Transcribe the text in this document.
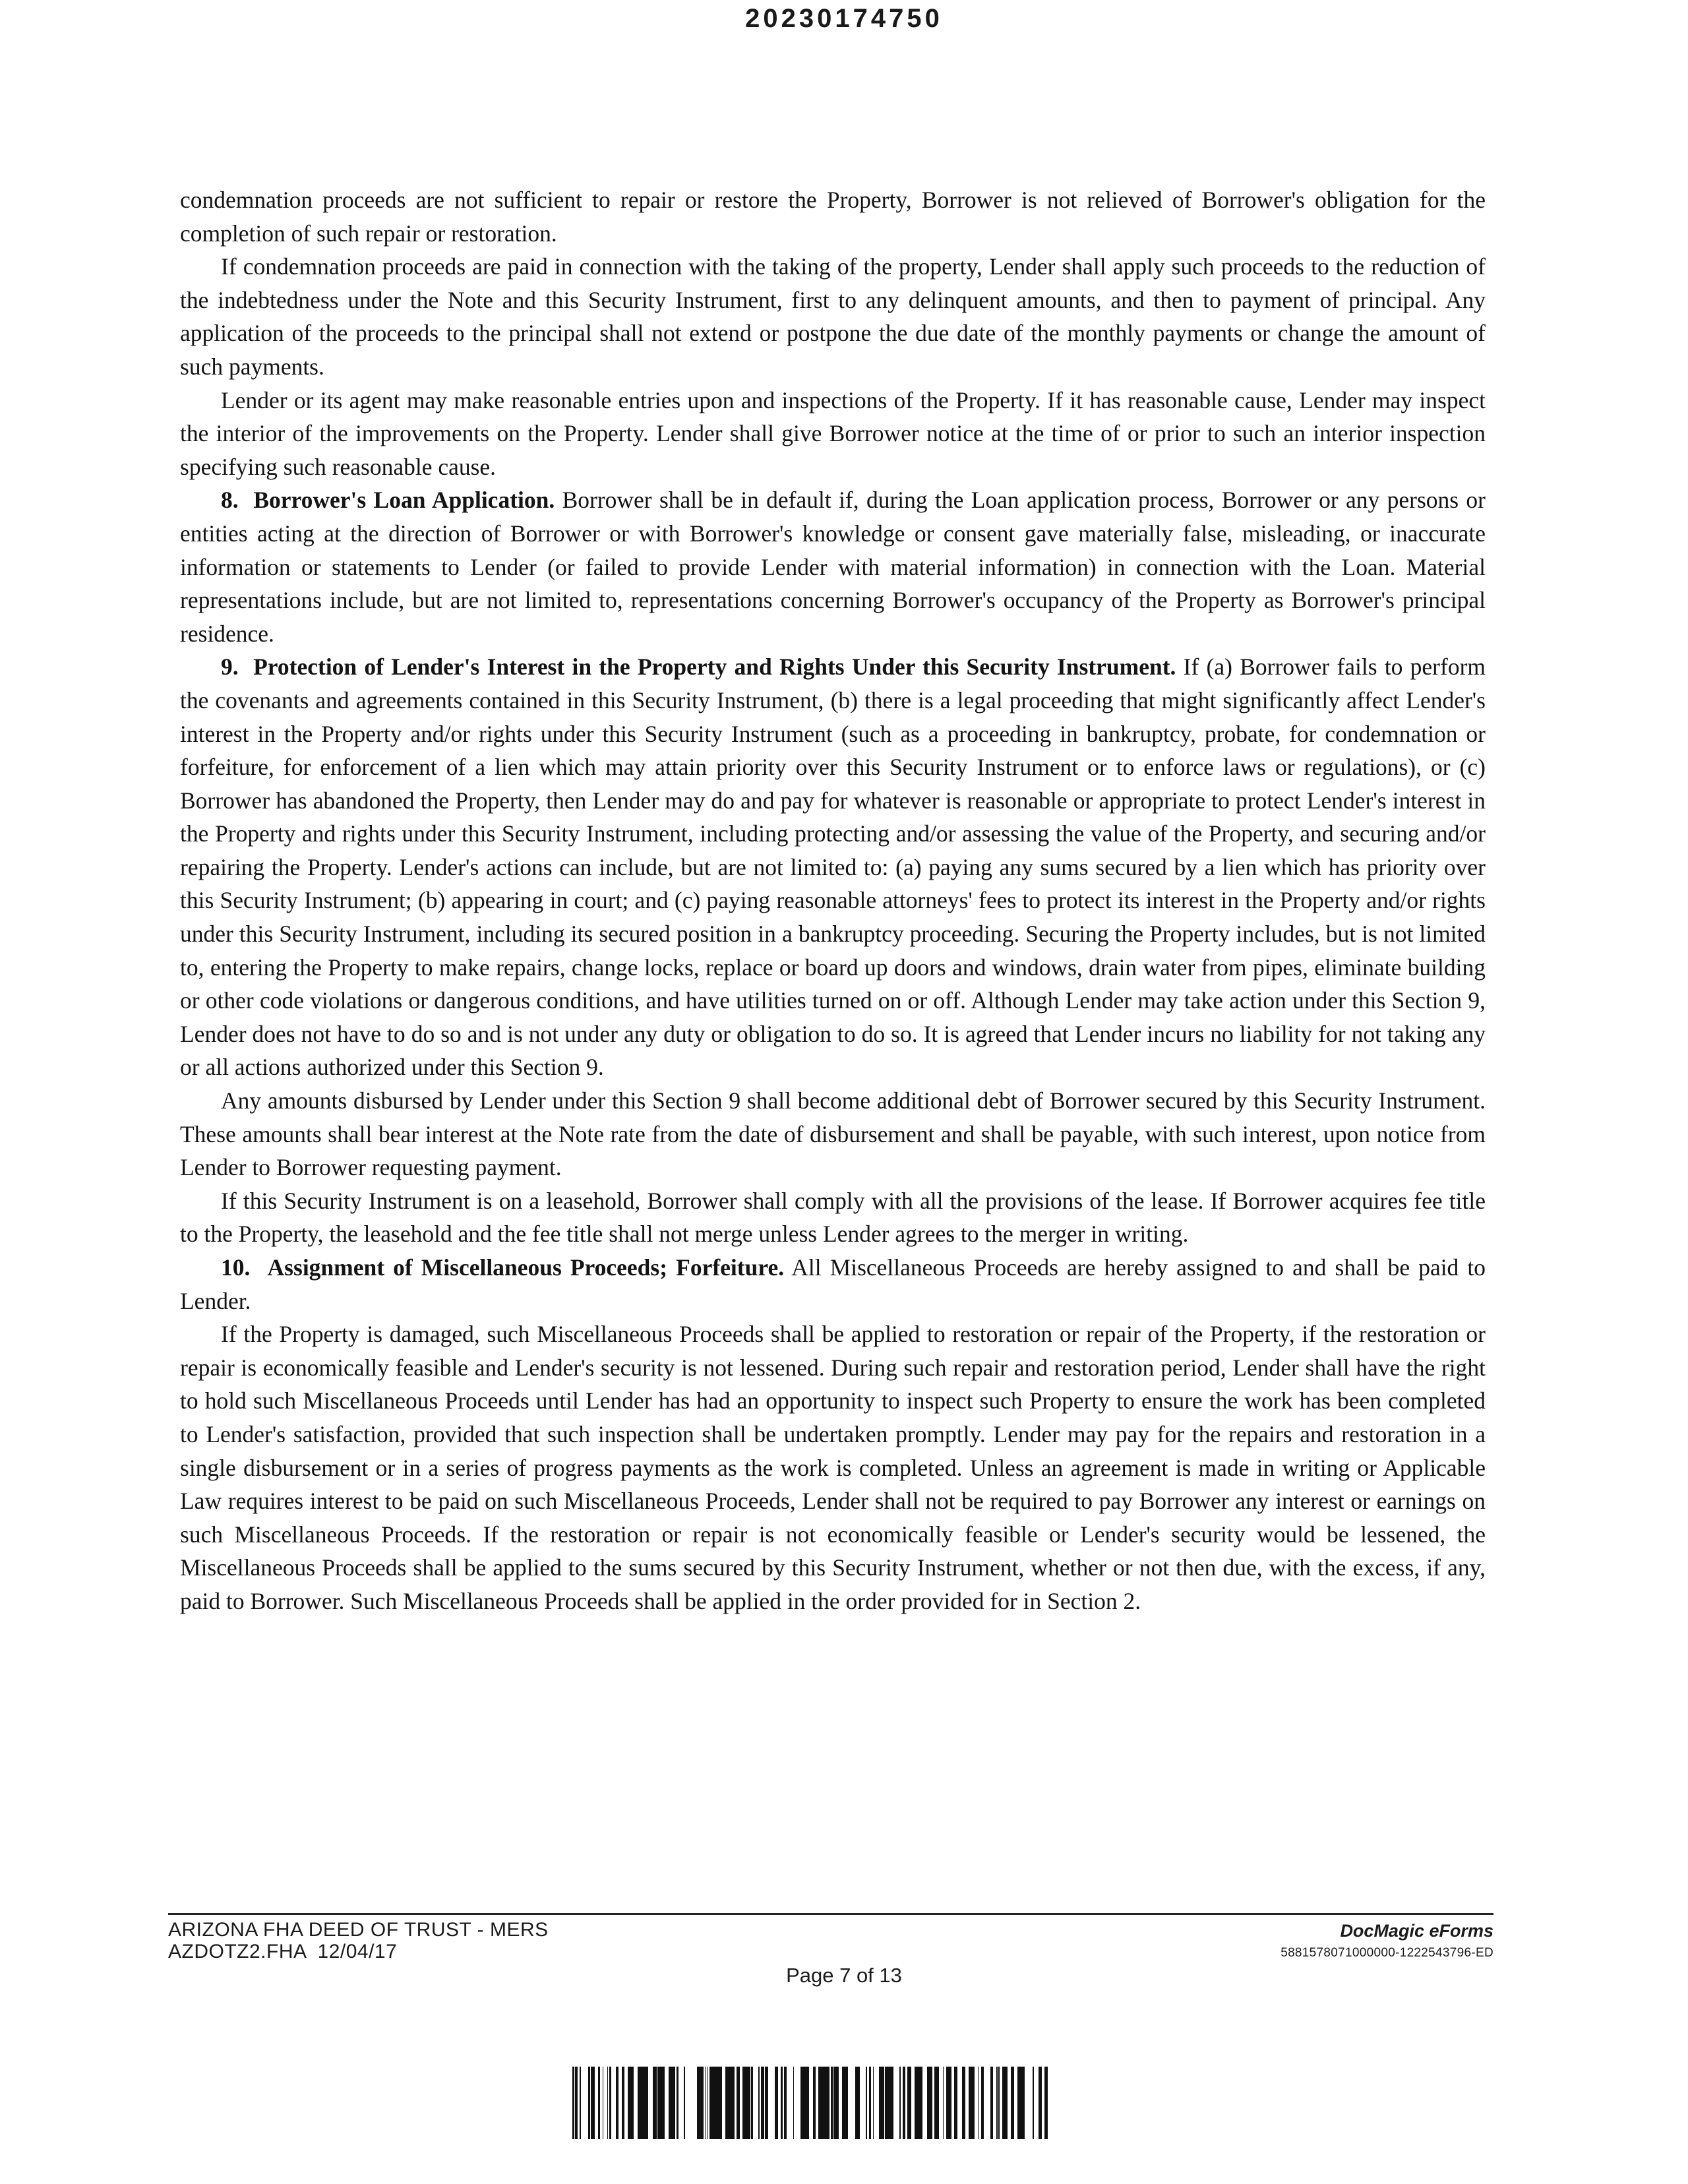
20230174750

condemnation proceeds are not sufficient to repair or restore the Property, Borrower is not relieved of Borrower's obligation for the completion of such repair or restoration.

If condemnation proceeds are paid in connection with the taking of the property, Lender shall apply such proceeds to the reduction of the indebtedness under the Note and this Security Instrument, first to any delinquent amounts, and then to payment of principal. Any application of the proceeds to the principal shall not extend or postpone the due date of the monthly payments or change the amount of such payments.

Lender or its agent may make reasonable entries upon and inspections of the Property. If it has reasonable cause, Lender may inspect the interior of the improvements on the Property. Lender shall give Borrower notice at the time of or prior to such an interior inspection specifying such reasonable cause.

8. Borrower's Loan Application. Borrower shall be in default if, during the Loan application process, Borrower or any persons or entities acting at the direction of Borrower or with Borrower's knowledge or consent gave materially false, misleading, or inaccurate information or statements to Lender (or failed to provide Lender with material information) in connection with the Loan. Material representations include, but are not limited to, representations concerning Borrower's occupancy of the Property as Borrower's principal residence.

9. Protection of Lender's Interest in the Property and Rights Under this Security Instrument. If (a) Borrower fails to perform the covenants and agreements contained in this Security Instrument, (b) there is a legal proceeding that might significantly affect Lender's interest in the Property and/or rights under this Security Instrument (such as a proceeding in bankruptcy, probate, for condemnation or forfeiture, for enforcement of a lien which may attain priority over this Security Instrument or to enforce laws or regulations), or (c) Borrower has abandoned the Property, then Lender may do and pay for whatever is reasonable or appropriate to protect Lender's interest in the Property and rights under this Security Instrument, including protecting and/or assessing the value of the Property, and securing and/or repairing the Property. Lender's actions can include, but are not limited to: (a) paying any sums secured by a lien which has priority over this Security Instrument; (b) appearing in court; and (c) paying reasonable attorneys' fees to protect its interest in the Property and/or rights under this Security Instrument, including its secured position in a bankruptcy proceeding. Securing the Property includes, but is not limited to, entering the Property to make repairs, change locks, replace or board up doors and windows, drain water from pipes, eliminate building or other code violations or dangerous conditions, and have utilities turned on or off. Although Lender may take action under this Section 9, Lender does not have to do so and is not under any duty or obligation to do so. It is agreed that Lender incurs no liability for not taking any or all actions authorized under this Section 9.

Any amounts disbursed by Lender under this Section 9 shall become additional debt of Borrower secured by this Security Instrument. These amounts shall bear interest at the Note rate from the date of disbursement and shall be payable, with such interest, upon notice from Lender to Borrower requesting payment.

If this Security Instrument is on a leasehold, Borrower shall comply with all the provisions of the lease. If Borrower acquires fee title to the Property, the leasehold and the fee title shall not merge unless Lender agrees to the merger in writing.

10. Assignment of Miscellaneous Proceeds; Forfeiture. All Miscellaneous Proceeds are hereby assigned to and shall be paid to Lender.

If the Property is damaged, such Miscellaneous Proceeds shall be applied to restoration or repair of the Property, if the restoration or repair is economically feasible and Lender's security is not lessened. During such repair and restoration period, Lender shall have the right to hold such Miscellaneous Proceeds until Lender has had an opportunity to inspect such Property to ensure the work has been completed to Lender's satisfaction, provided that such inspection shall be undertaken promptly. Lender may pay for the repairs and restoration in a single disbursement or in a series of progress payments as the work is completed. Unless an agreement is made in writing or Applicable Law requires interest to be paid on such Miscellaneous Proceeds, Lender shall not be required to pay Borrower any interest or earnings on such Miscellaneous Proceeds. If the restoration or repair is not economically feasible or Lender's security would be lessened, the Miscellaneous Proceeds shall be applied to the sums secured by this Security Instrument, whether or not then due, with the excess, if any, paid to Borrower. Such Miscellaneous Proceeds shall be applied in the order provided for in Section 2.

ARIZONA FHA DEED OF TRUST - MERS
AZDOTZ2.FHA  12/04/17
DocMagic eForms
5881578071000000-1222543796-ED
Page 7 of 13
